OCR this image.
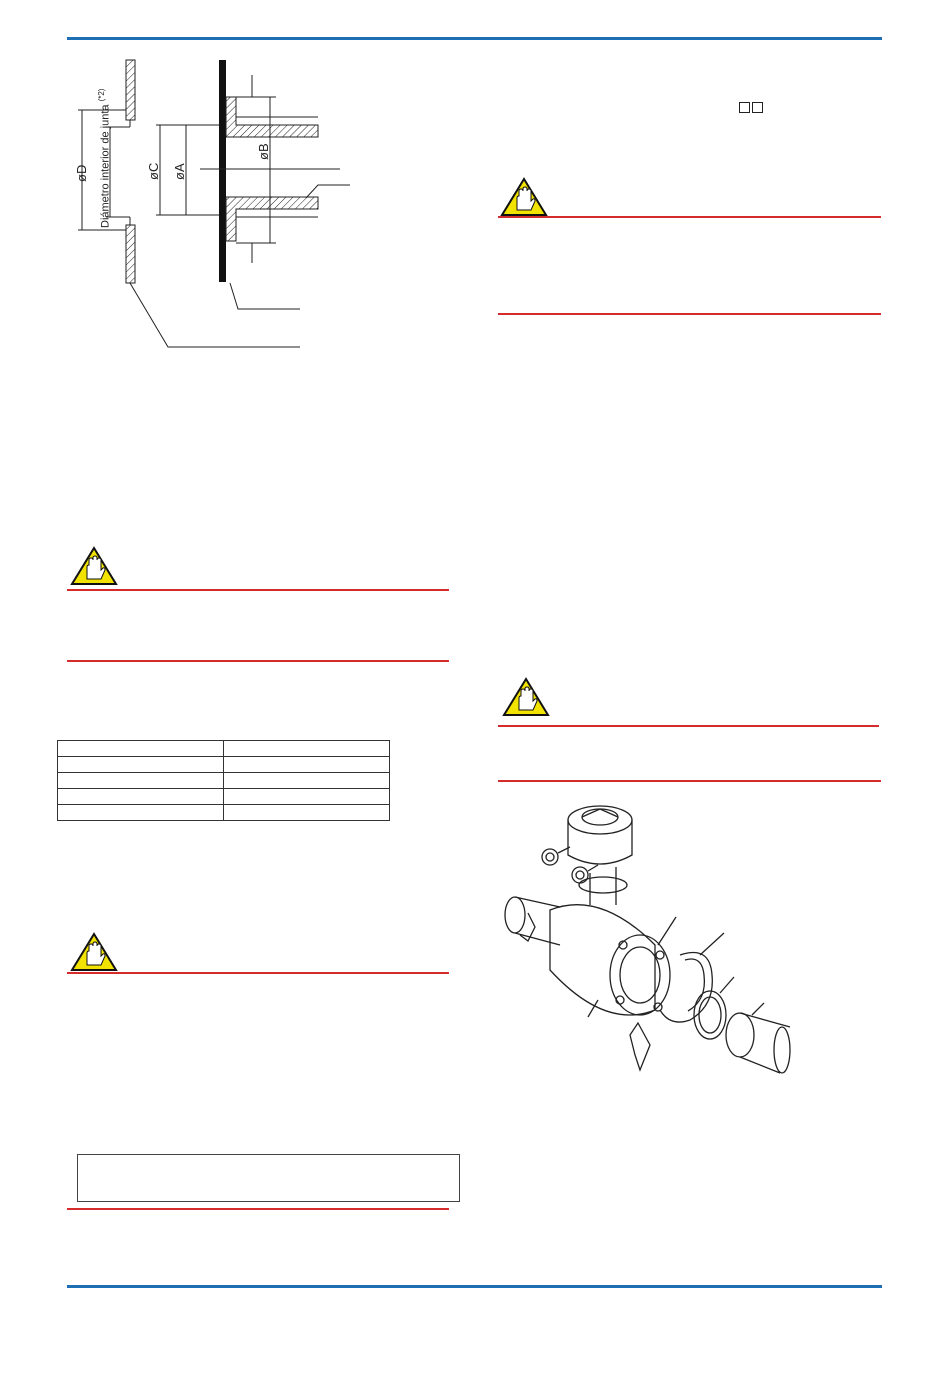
øD Diámetro interior de junta $^{(*2)}$
øC øA
øB
